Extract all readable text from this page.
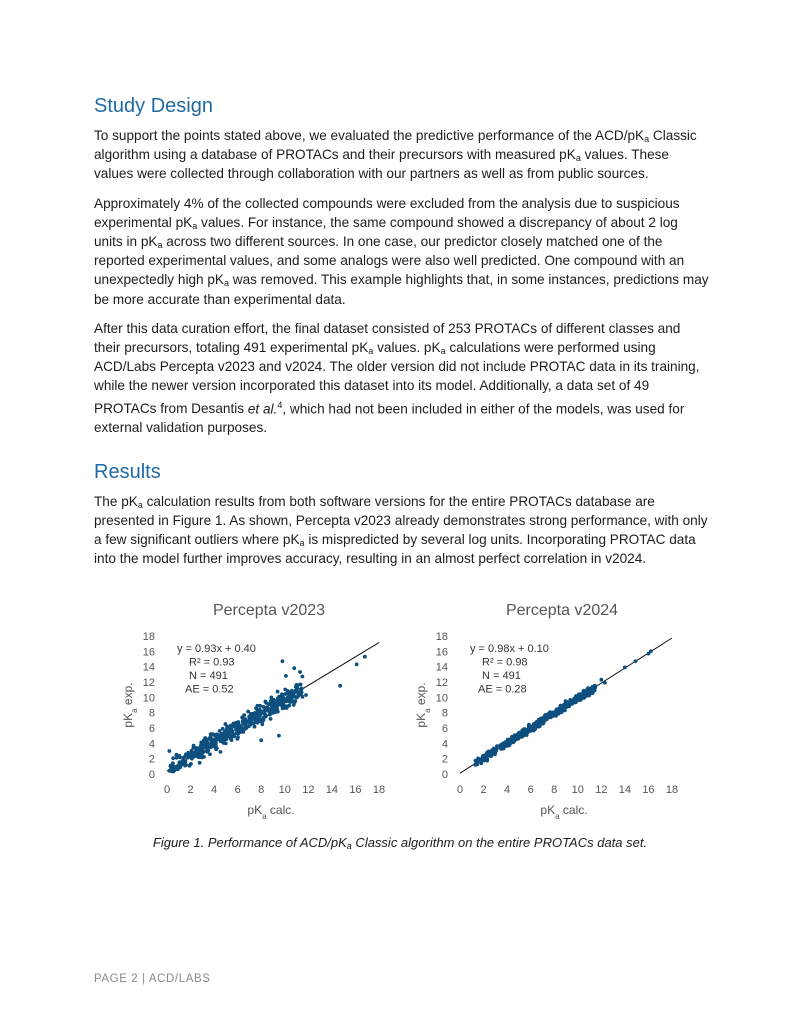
Study Design

To support the points stated above, we evaluated the predictive performance of the ACD/$pK_a$ Classic algorithm using a database of PROTACs and their precursors with measured $pK_a$ values. These values were collected through collaboration with our partners as well as from public sources.

Approximately 4% of the collected compounds were excluded from the analysis due to suspicious experimental $pK_a$ values. For instance, the same compound showed a discrepancy of about 2 log units in $pK_a$ across two different sources. In one case, our predictor closely matched one of the reported experimental values, and some analogs were also well predicted. One compound with an unexpectedly high $pK_a$ was removed. This example highlights that, in some instances, predictions may be more accurate than experimental data.

After this data curation effort, the final dataset consisted of 253 PROTACs of different classes and their precursors, totaling 491 experimental $pK_a$ values. $pK_a$ calculations were performed using ACD/Labs Percepta v2023 and v2024. The older version did not include PROTAC data in its training, while the newer version incorporated this dataset into its model. Additionally, a data set of 49 PROTACs from Desantis et al.$^4$, which had not been included in either of the models, was used for external validation purposes.

Results

The $pK_a$ calculation results from both software versions for the entire PROTACs database are presented in Figure 1. As shown, Percepta v2023 already demonstrates strong performance, with only a few significant outliers where $pK_a$ is mispredicted by several log units. Incorporating PROTAC data into the model further improves accuracy, resulting in an almost perfect correlation in v2024.

Percepta v2023
0 2 4 6 8 10 12 14 16 18
0
2
4
6
8
10
12
14
16
18
$pK_a$ calc.
$pK_a$ exp.
y = 0.93x + 0.40
R² = 0.93
N = 491
AE = 0.52
Percepta v2024
0 2 4 6 8 10 12 14 16 18
0
2
4
6
8
10
12
14
16
18
$pK_a$ calc.
$pK_a$ exp.
y = 0.98x + 0.10
R² = 0.98
N = 491
AE = 0.28
Figure 1. Performance of ACD/$pK_a$ Classic algorithm on the entire PROTACs data set.
PAGE 2 | ACD/LABS
